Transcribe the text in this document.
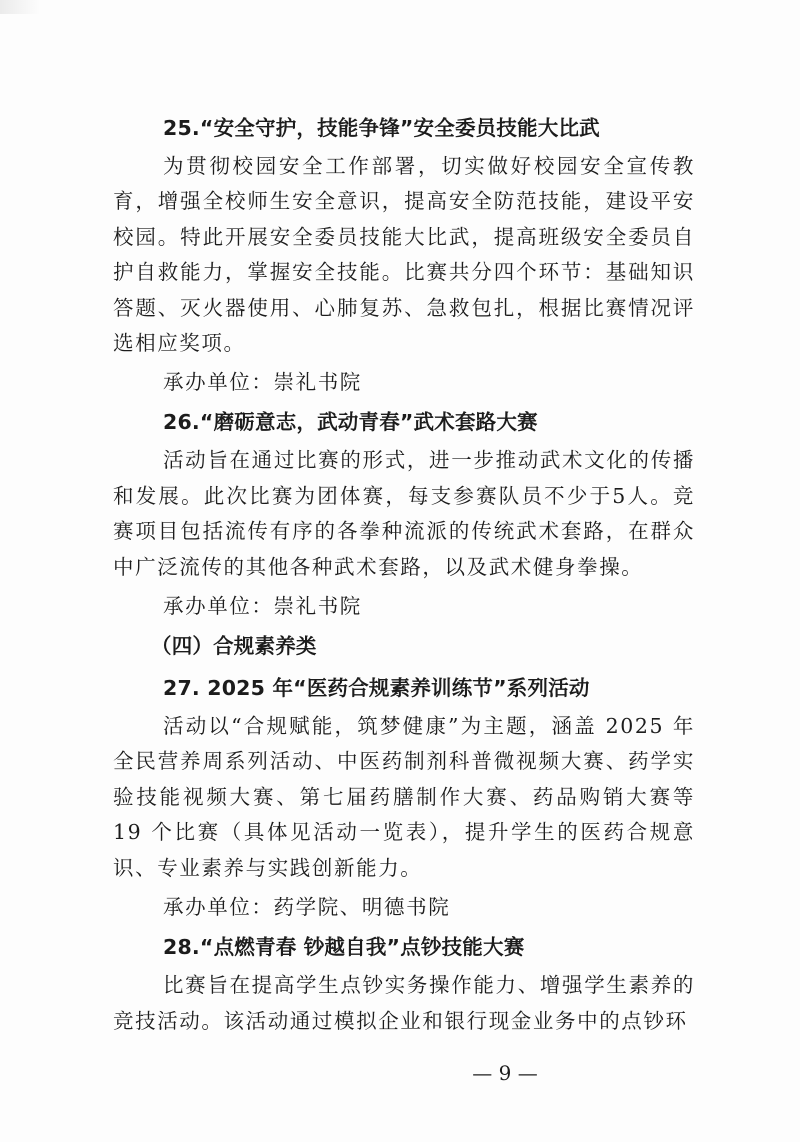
25.“安全守护，技能争锋”安全委员技能大比武

为贯彻校园安全工作部署，切实做好校园安全宣传教育，增强全校师生安全意识，提高安全防范技能，建设平安校园。特此开展安全委员技能大比武，提高班级安全委员自护自救能力，掌握安全技能。比赛共分四个环节：基础知识答题、灭火器使用、心肺复苏、急救包扎，根据比赛情况评选相应奖项。

承办单位：崇礼书院
26.“磨砺意志，武动青春”武术套路大赛

活动旨在通过比赛的形式，进一步推动武术文化的传播和发展。此次比赛为团体赛，每支参赛队员不少于5人。竞赛项目包括流传有序的各拳种流派的传统武术套路，在群众中广泛流传的其他各种武术套路，以及武术健身拳操。

承办单位：崇礼书院
（四）合规素养类
27. 2025 年“医药合规素养训练节”系列活动

活动以“合规赋能，筑梦健康”为主题，涵盖 2025 年全民营养周系列活动、中医药制剂科普微视频大赛、药学实验技能视频大赛、第七届药膳制作大赛、药品购销大赛等 19 个比赛（具体见活动一览表），提升学生的医药合规意识、专业素养与实践创新能力。

承办单位：药学院、明德书院
28.“点燃青春 钞越自我”点钞技能大赛

比赛旨在提高学生点钞实务操作能力、增强学生素养的竞技活动。该活动通过模拟企业和银行现金业务中的点钞环

— 9 —
